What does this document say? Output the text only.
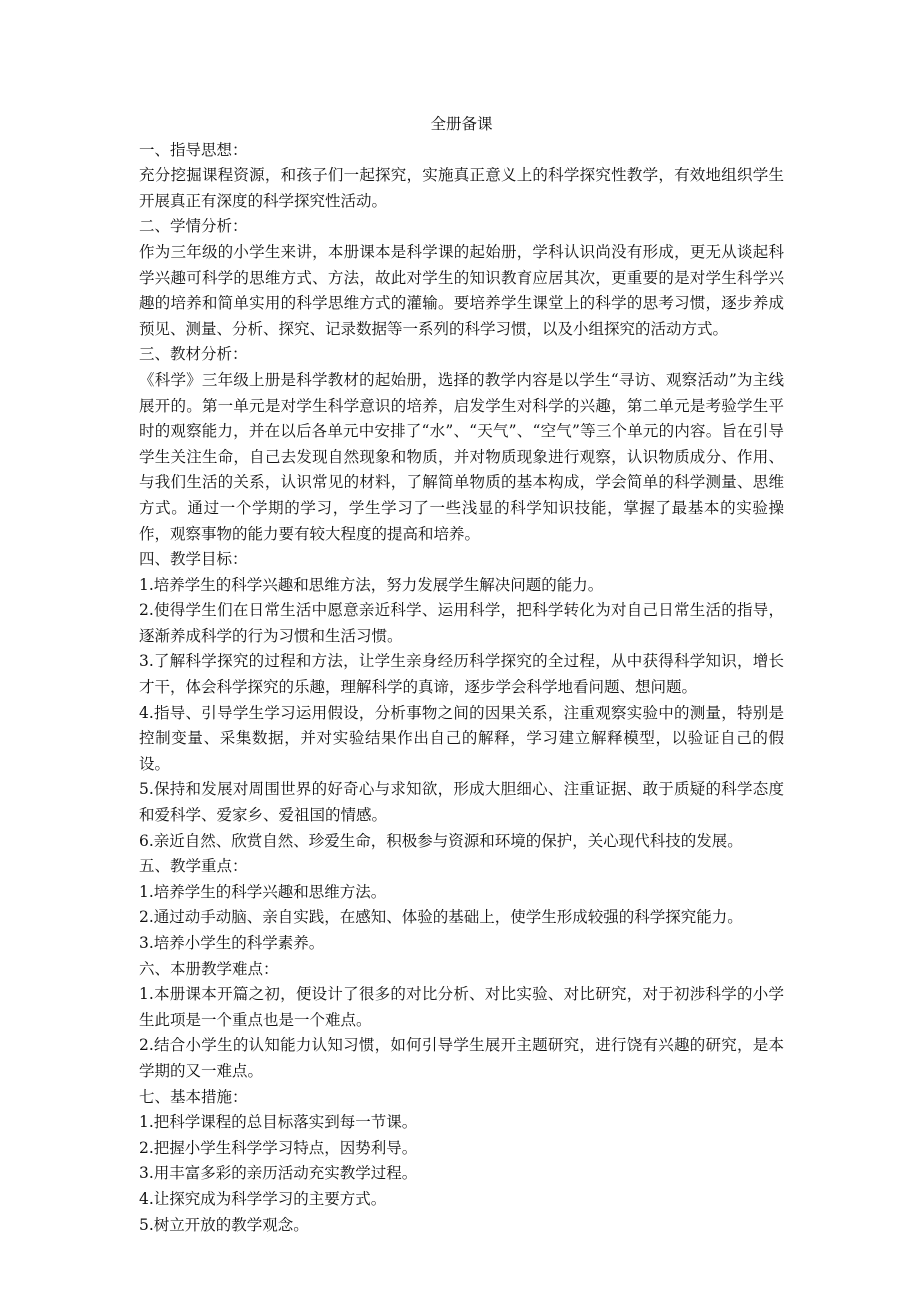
全册备课

一、指导思想：

充分挖掘课程资源，和孩子们一起探究，实施真正意义上的科学探究性教学，有效地组织学生开展真正有深度的科学探究性活动。

二、学情分析：

作为三年级的小学生来讲，本册课本是科学课的起始册，学科认识尚没有形成，更无从谈起科学兴趣可科学的思维方式、方法，故此对学生的知识教育应居其次，更重要的是对学生科学兴趣的培养和简单实用的科学思维方式的灌输。要培养学生课堂上的科学的思考习惯，逐步养成预见、测量、分析、探究、记录数据等一系列的科学习惯，以及小组探究的活动方式。

三、教材分析：

《科学》三年级上册是科学教材的起始册，选择的教学内容是以学生“寻访、观察活动”为主线展开的。第一单元是对学生科学意识的培养，启发学生对科学的兴趣，第二单元是考验学生平时的观察能力，并在以后各单元中安排了“水”、“天气”、“空气”等三个单元的内容。旨在引导学生关注生命，自己去发现自然现象和物质，并对物质现象进行观察，认识物质成分、作用、与我们生活的关系，认识常见的材料，了解简单物质的基本构成，学会简单的科学测量、思维方式。通过一个学期的学习，学生学习了一些浅显的科学知识技能，掌握了最基本的实验操作，观察事物的能力要有较大程度的提高和培养。

四、教学目标：

1.培养学生的科学兴趣和思维方法，努力发展学生解决问题的能力。

2.使得学生们在日常生活中愿意亲近科学、运用科学，把科学转化为对自己日常生活的指导，逐渐养成科学的行为习惯和生活习惯。

3.了解科学探究的过程和方法，让学生亲身经历科学探究的全过程，从中获得科学知识，增长才干，体会科学探究的乐趣，理解科学的真谛，逐步学会科学地看问题、想问题。

4.指导、引导学生学习运用假设，分析事物之间的因果关系，注重观察实验中的测量，特别是控制变量、采集数据，并对实验结果作出自己的解释，学习建立解释模型，以验证自己的假设。

5.保持和发展对周围世界的好奇心与求知欲，形成大胆细心、注重证据、敢于质疑的科学态度和爱科学、爱家乡、爱祖国的情感。

6.亲近自然、欣赏自然、珍爱生命，积极参与资源和环境的保护，关心现代科技的发展。

五、教学重点：

1.培养学生的科学兴趣和思维方法。

2.通过动手动脑、亲自实践，在感知、体验的基础上，使学生形成较强的科学探究能力。

3.培养小学生的科学素养。

六、本册教学难点：

1.本册课本开篇之初，便设计了很多的对比分析、对比实验、对比研究，对于初涉科学的小学生此项是一个重点也是一个难点。

2.结合小学生的认知能力认知习惯，如何引导学生展开主题研究，进行饶有兴趣的研究，是本学期的又一难点。

七、基本措施：

1.把科学课程的总目标落实到每一节课。

2.把握小学生科学学习特点，因势利导。

3.用丰富多彩的亲历活动充实教学过程。

4.让探究成为科学学习的主要方式。

5.树立开放的教学观念。
